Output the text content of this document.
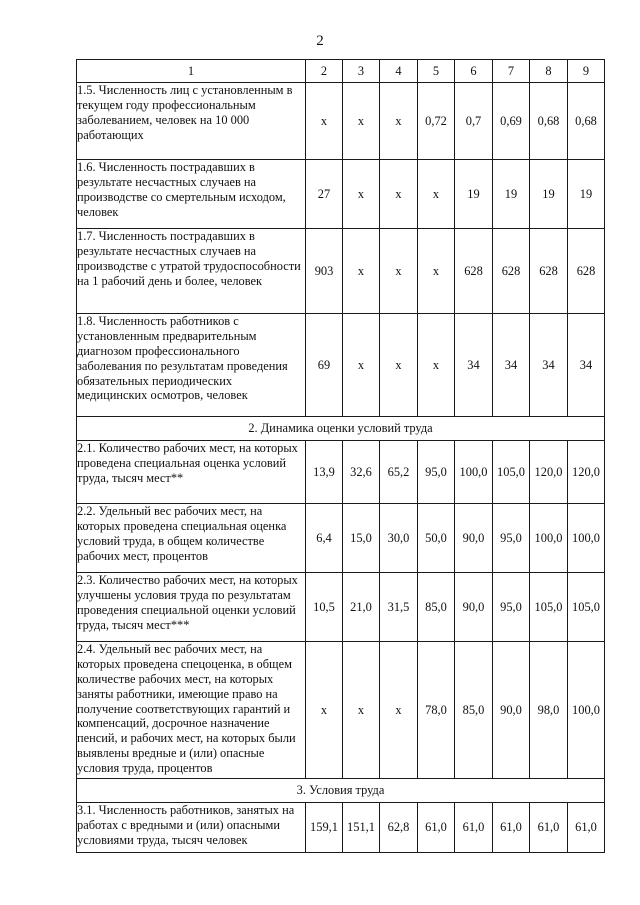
2
1	2	3	4	5	6	7	8	9
1.5. Численность лиц с установленным в текущем году профессиональным заболеванием, человек на 10 000 работающих	x	x	x	0,72	0,7	0,69	0,68	0,68
1.6. Численность пострадавших в результате несчастных случаев на производстве со смертельным исходом, человек	27	x	x	x	19	19	19	19
1.7. Численность пострадавших в результате несчастных случаев на производстве с утратой трудоспособности на 1 рабочий день и более, человек	903	x	x	x	628	628	628	628
1.8. Численность работников с установленным предварительным диагнозом профессионального заболевания по результатам проведения обязательных периодических медицинских осмотров, человек	69	x	x	x	34	34	34	34
2. Динамика оценки условий труда								
2.1. Количество рабочих мест, на которых проведена специальная оценка условий труда, тысяч мест**	13,9	32,6	65,2	95,0	100,0	105,0	120,0	120,0
2.2. Удельный вес рабочих мест, на которых проведена специальная оценка условий труда, в общем количестве рабочих мест, процентов	6,4	15,0	30,0	50,0	90,0	95,0	100,0	100,0
2.3. Количество рабочих мест, на которых улучшены условия труда по результатам проведения специальной оценки условий труда, тысяч мест***	10,5	21,0	31,5	85,0	90,0	95,0	105,0	105,0
2.4. Удельный вес рабочих мест, на которых проведена спецоценка, в общем количестве рабочих мест, на которых заняты работники, имеющие право на получение соответствующих гарантий и компенсаций, досрочное назначение пенсий, и рабочих мест, на которых были выявлены вредные и (или) опасные условия труда, процентов	x	x	x	78,0	85,0	90,0	98,0	100,0
3. Условия труда								
3.1. Численность работников, занятых на работах с вредными и (или) опасными условиями труда, тысяч человек	159,1	151,1	62,8	61,0	61,0	61,0	61,0	61,0
